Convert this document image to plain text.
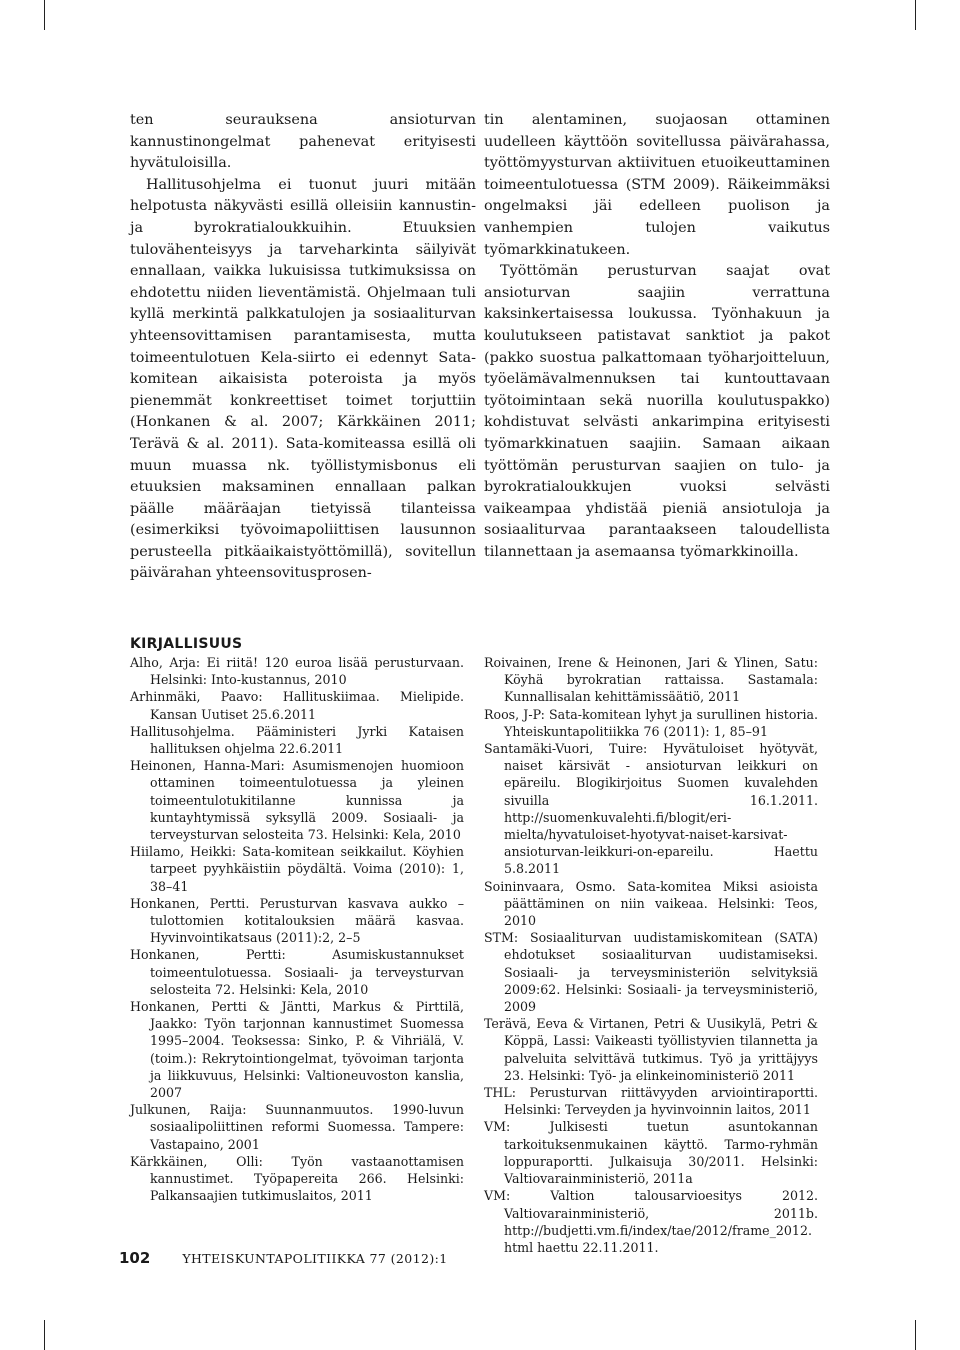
ten seurauksena ansioturvan kannustinongelmat pahenevat erityisesti hyvätuloisilla.

Hallitusohjelma ei tuonut juuri mitään helpotusta näkyvästi esillä olleisiin kannustin- ja byrokratialoukkuihin. Etuuksien tulovähenteisyys ja tarveharkinta säilyivät ennallaan, vaikka lukuisissa tutkimuksissa on ehdotettu niiden lieventämistä. Ohjelmaan tuli kyllä merkintä palkkatulojen ja sosiaaliturvan yhteensovittamisen parantamisesta, mutta toimeentulotuen Kela-siirto ei edennyt Sata-komitean aikaisista poteroista ja myös pienemmät konkreettiset toimet torjuttiin (Honkanen & al. 2007; Kärkkäinen 2011; Terävä & al. 2011). Sata-komiteassa esillä oli muun muassa nk. työllistymisbonus eli etuuksien maksaminen ennallaan palkan päälle määräajan tietyissä tilanteissa (esimerkiksi työvoimapoliittisen lausunnon perusteella pitkäaikaistyöttömillä), sovitellun päivärahan yhteensovitusprosen-

tin alentaminen, suojaosan ottaminen uudelleen käyttöön sovitellussa päivärahassa, työttömyysturvan aktiivituen etuoikeuttaminen toimeentulotuessa (STM 2009). Räikeimmäksi ongelmaksi jäi edelleen puolison ja vanhempien tulojen vaikutus työmarkkinatukeen.

Työttömän perusturvan saajat ovat ansioturvan saajiin verrattuna kaksinkertaisessa loukussa. Työnhakuun ja koulutukseen patistavat sanktiot ja pakot (pakko suostua palkattomaan työharjoitteluun, työelämävalmennuksen tai kuntouttavaan työtoimintaan sekä nuorilla koulutuspakko) kohdistuvat selvästi ankarimpina erityisesti työmarkkinatuen saajiin. Samaan aikaan työttömän perusturvan saajien on tulo- ja byrokratialoukkujen vuoksi selvästi vaikeampaa yhdistää pieniä ansiotuloja ja sosiaaliturvaa parantaakseen taloudellista tilannettaan ja asemaansa työmarkkinoilla.

KIRJALLISUUS
Alho, Arja: Ei riitä! 120 euroa lisää perusturvaan. Helsinki: Into-kustannus, 2010
Arhinmäki, Paavo: Hallituskiimaa. Mielipide. Kansan Uutiset 25.6.2011
Hallitusohjelma. Pääministeri Jyrki Kataisen hallituksen ohjelma 22.6.2011
Heinonen, Hanna-Mari: Asumismenojen huomioon ottaminen toimeentulotuessa ja yleinen toimeentulotukitilanne kunnissa ja kuntayhtymissä syksyllä 2009. Sosiaali- ja terveysturvan selosteita 73. Helsinki: Kela, 2010
Hiilamo, Heikki: Sata-komitean seikkailut. Köyhien tarpeet pyyhkäistiin pöydältä. Voima (2010): 1, 38–41
Honkanen, Pertti. Perusturvan kasvava aukko – tulottomien kotitalouksien määrä kasvaa. Hyvinvointikatsaus (2011):2, 2–5
Honkanen, Pertti: Asumiskustannukset toimeentulotuessa. Sosiaali- ja terveysturvan selosteita 72. Helsinki: Kela, 2010
Honkanen, Pertti & Jäntti, Markus & Pirttilä, Jaakko: Työn tarjonnan kannustimet Suomessa 1995–2004. Teoksessa: Sinko, P. & Vihriälä, V. (toim.): Rekrytointiongelmat, työvoiman tarjonta ja liikkuvuus, Helsinki: Valtioneuvoston kanslia, 2007
Julkunen, Raija: Suunnanmuutos. 1990-luvun sosiaalipoliittinen reformi Suomessa. Tampere: Vastapaino, 2001
Kärkkäinen, Olli: Työn vastaanottamisen kannustimet. Työpapereita 266. Helsinki: Palkansaajien tutkimuslaitos, 2011
Roivainen, Irene & Heinonen, Jari & Ylinen, Satu: Köyhä byrokratian rattaissa. Sastamala: Kunnallisalan kehittämissäätiö, 2011
Roos, J-P: Sata-komitean lyhyt ja surullinen historia. Yhteiskuntapolitiikka 76 (2011): 1, 85–91
Santamäki-Vuori, Tuire: Hyvätuloiset hyötyvät, naiset kärsivät - ansioturvan leikkuri on epäreilu. Blogikirjoitus Suomen kuvalehden sivuilla 16.1.2011. http://suomenkuvalehti.fi/blogit/eri-mielta/hyvatuloiset-hyotyvat-naiset-karsivat-ansioturvan-leikkuri-on-epareilu. Haettu 5.8.2011
Soininvaara, Osmo. Sata-komitea Miksi asioista päättäminen on niin vaikeaa. Helsinki: Teos, 2010
STM: Sosiaaliturvan uudistamiskomitean (SATA) ehdotukset sosiaaliturvan uudistamiseksi. Sosiaali- ja terveysministeriön selvityksiä 2009:62. Helsinki: Sosiaali- ja terveysministeriö, 2009
Terävä, Eeva & Virtanen, Petri & Uusikylä, Petri & Köppä, Lassi: Vaikeasti työllistyvien tilannetta ja palveluita selvittävä tutkimus. Työ ja yrittäjyys 23. Helsinki: Työ- ja elinkeinoministeriö 2011
THL: Perusturvan riittävyyden arviointiraportti. Helsinki: Terveyden ja hyvinvoinnin laitos, 2011
VM: Julkisesti tuetun asuntokannan tarkoituksenmukainen käyttö. Tarmo-ryhmän loppuraportti. Julkaisuja 30/2011. Helsinki: Valtiovarainministeriö, 2011a
VM: Valtion talousarvioesitys 2012. Valtiovarainministeriö, 2011b. http://budjetti.vm.fi/index/tae/2012/frame_2012.html haettu 22.11.2011.
102	YHTEISKUNTAPOLITIIKKA 77 (2012):1
